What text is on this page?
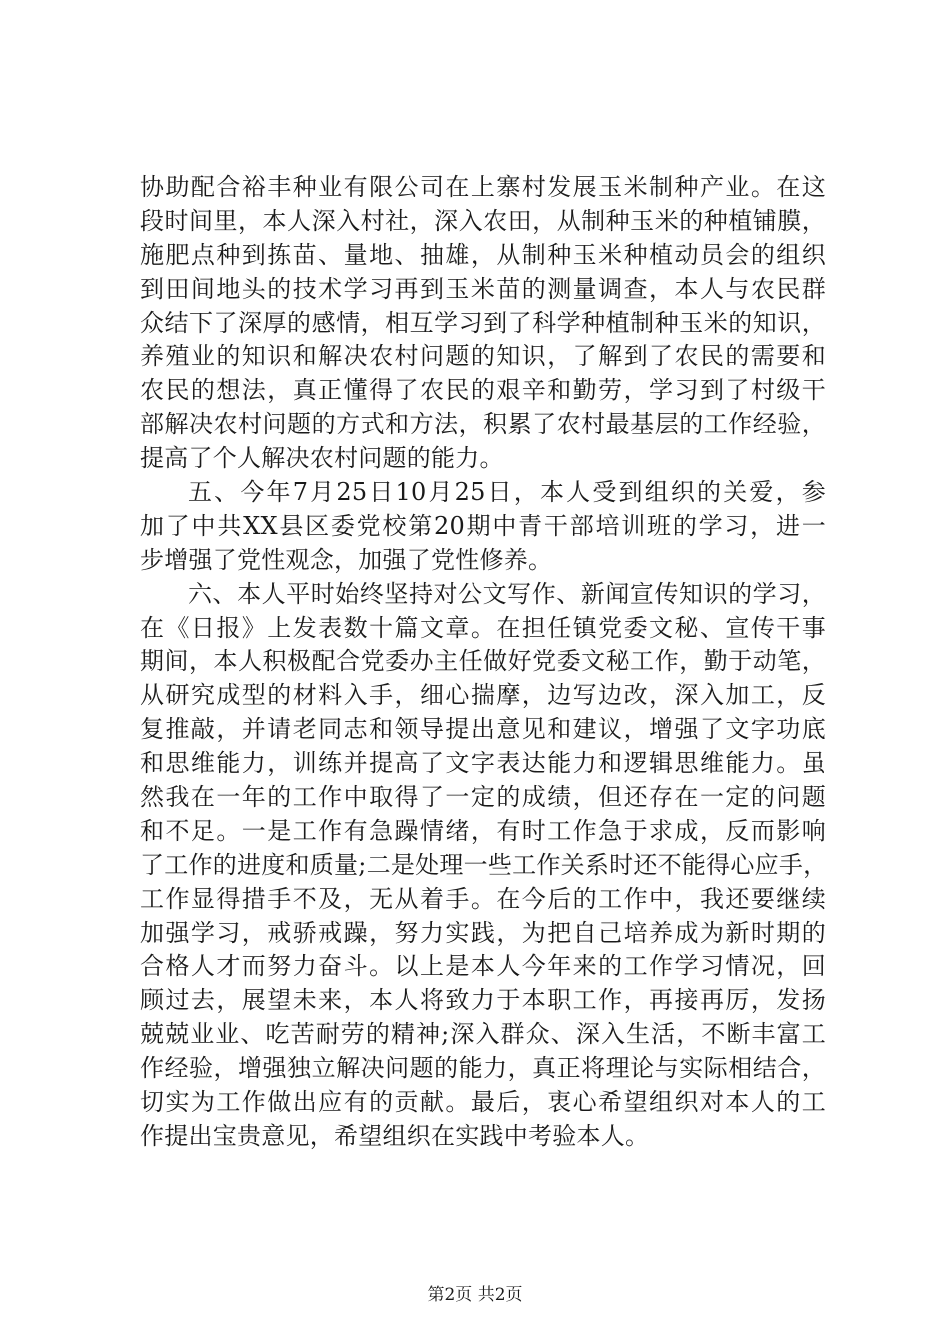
协助配合裕丰种业有限公司在上寨村发展玉米制种产业。在这
段时间里，本人深入村社，深入农田，从制种玉米的种植铺膜，
施肥点种到拣苗、量地、抽雄，从制种玉米种植动员会的组织
到田间地头的技术学习再到玉米苗的测量调查，本人与农民群
众结下了深厚的感情，相互学习到了科学种植制种玉米的知识，
养殖业的知识和解决农村问题的知识，了解到了农民的需要和
农民的想法，真正懂得了农民的艰辛和勤劳，学习到了村级干
部解决农村问题的方式和方法，积累了农村最基层的工作经验，
提高了个人解决农村问题的能力。
五、今年7月25日10月25日，本人受到组织的关爱，参
加了中共XX县区委党校第20期中青干部培训班的学习，进一
步增强了党性观念，加强了党性修养。
六、本人平时始终坚持对公文写作、新闻宣传知识的学习，
在《日报》上发表数十篇文章。在担任镇党委文秘、宣传干事
期间，本人积极配合党委办主任做好党委文秘工作，勤于动笔，
从研究成型的材料入手，细心揣摩，边写边改，深入加工，反
复推敲，并请老同志和领导提出意见和建议，增强了文字功底
和思维能力，训练并提高了文字表达能力和逻辑思维能力。虽
然我在一年的工作中取得了一定的成绩，但还存在一定的问题
和不足。一是工作有急躁情绪，有时工作急于求成，反而影响
了工作的进度和质量;二是处理一些工作关系时还不能得心应手，
工作显得措手不及，无从着手。在今后的工作中，我还要继续
加强学习，戒骄戒躁，努力实践，为把自己培养成为新时期的
合格人才而努力奋斗。以上是本人今年来的工作学习情况，回
顾过去，展望未来，本人将致力于本职工作，再接再厉，发扬
兢兢业业、吃苦耐劳的精神;深入群众、深入生活，不断丰富工
作经验，增强独立解决问题的能力，真正将理论与实际相结合，
切实为工作做出应有的贡献。最后，衷心希望组织对本人的工
作提出宝贵意见，希望组织在实践中考验本人。
第2页 共2页
